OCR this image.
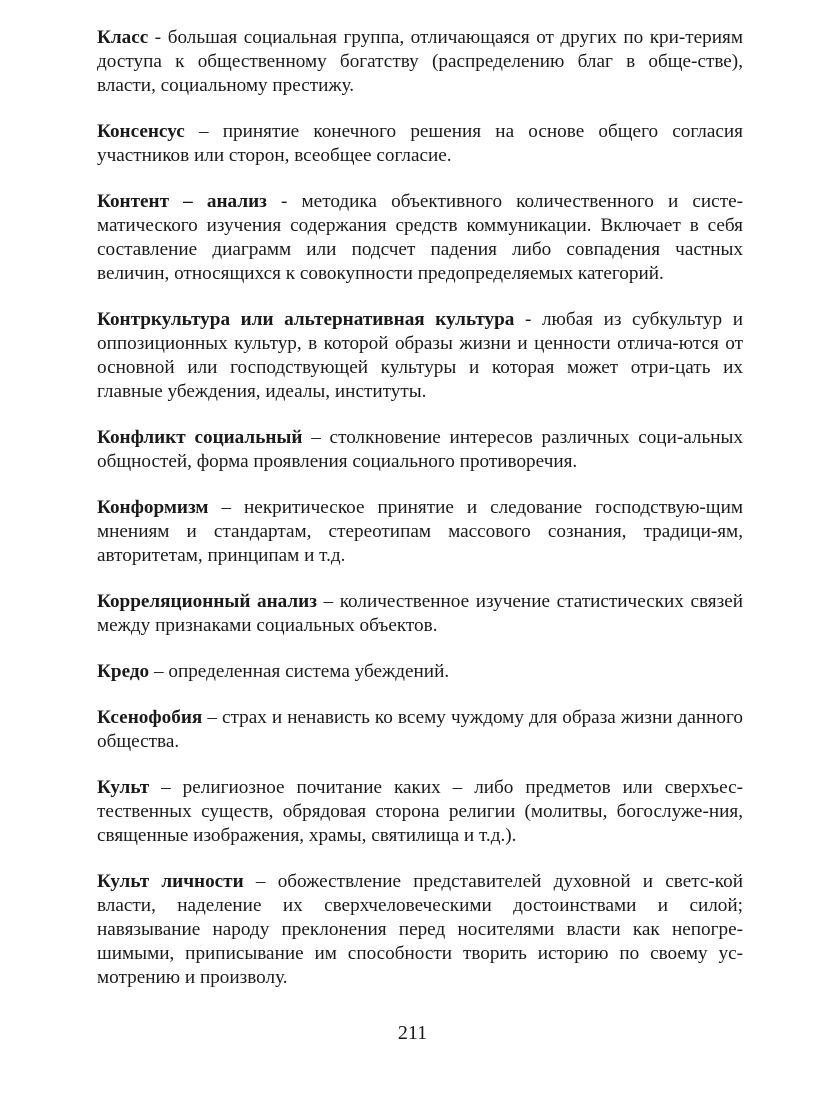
Класс - большая социальная группа, отличающаяся от других по кри-териям доступа к общественному богатству (распределению благ в обще-стве), власти, социальному престижу.

Консенсус – принятие конечного решения на основе общего согласия участников или сторон, всеобщее согласие.

Контент – анализ - методика объективного количественного и систе-матического изучения содержания средств коммуникации. Включает в себя составление диаграмм или подсчет падения либо совпадения частных величин, относящихся к совокупности предопределяемых категорий.

Контркультура или альтернативная культура - любая из субкультур и оппозиционных культур, в которой образы жизни и ценности отлича-ются от основной или господствующей культуры и которая может отри-цать их главные убеждения, идеалы, институты.

Конфликт социальный – столкновение интересов различных соци-альных общностей, форма проявления социального противоречия.

Конформизм – некритическое принятие и следование господствую-щим мнениям и стандартам, стереотипам массового сознания, традици-ям, авторитетам, принципам и т.д.

Корреляционный анализ – количественное изучение статистических связей между признаками социальных объектов.

Кредо – определенная система убеждений.

Ксенофобия – страх и ненависть ко всему чуждому для образа жизни данного общества.

Культ – религиозное почитание каких – либо предметов или сверхъес-тественных существ, обрядовая сторона религии (молитвы, богослуже-ния, священные изображения, храмы, святилища и т.д.).

Культ личности – обожествление представителей духовной и светс-кой власти, наделение их сверхчеловеческими достоинствами и силой; навязывание народу преклонения перед носителями власти как непогре-шимыми, приписывание им способности творить историю по своему ус-мотрению и произволу.

211
